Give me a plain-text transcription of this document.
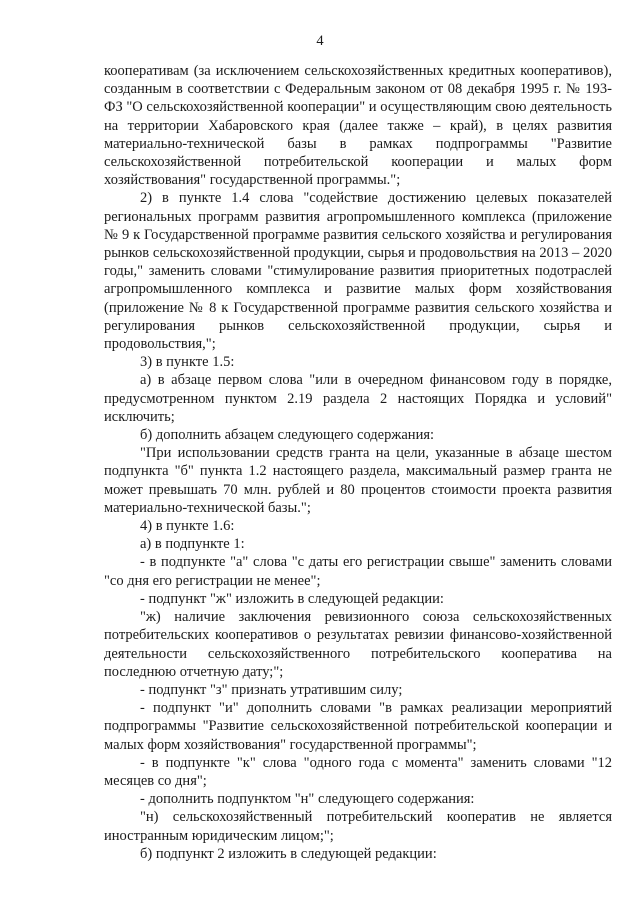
4

кооперативам (за исключением сельскохозяйственных кредитных кооперативов), созданным в соответствии с Федеральным законом от 08 декабря 1995 г. № 193-ФЗ "О сельскохозяйственной кооперации" и осуществляющим свою деятельность на территории Хабаровского края (далее также – край), в целях развития материально-технической базы в рамках подпрограммы "Развитие сельскохозяйственной потребительской кооперации и малых форм хозяйствования" государственной программы.";

2) в пункте 1.4 слова "содействие достижению целевых показателей региональных программ развития агропромышленного комплекса (приложение № 9 к Государственной программе развития сельского хозяйства и регулирования рынков сельскохозяйственной продукции, сырья и продовольствия на 2013 – 2020 годы," заменить словами "стимулирование развития приоритетных подотраслей агропромышленного комплекса и развитие малых форм хозяйствования (приложение № 8 к Государственной программе развития сельского хозяйства и регулирования рынков сельскохозяйственной продукции, сырья и продовольствия,";

3) в пункте 1.5:

а) в абзаце первом слова "или в очередном финансовом году в порядке, предусмотренном пунктом 2.19 раздела 2 настоящих Порядка и условий" исключить;

б) дополнить абзацем следующего содержания:

"При использовании средств гранта на цели, указанные в абзаце шестом подпункта "б" пункта 1.2 настоящего раздела, максимальный размер гранта не может превышать 70 млн. рублей и 80 процентов стоимости проекта развития материально-технической базы.";

4) в пункте 1.6:

а) в подпункте 1:

- в подпункте "а" слова "с даты его регистрации свыше" заменить словами "со дня его регистрации не менее";

- подпункт "ж" изложить в следующей редакции:

"ж) наличие заключения ревизионного союза сельскохозяйственных потребительских кооперативов о результатах ревизии финансово-хозяйственной деятельности сельскохозяйственного потребительского кооператива на последнюю отчетную дату;";

- подпункт "з" признать утратившим силу;

- подпункт "и" дополнить словами "в рамках реализации мероприятий подпрограммы "Развитие сельскохозяйственной потребительской кооперации и малых форм хозяйствования" государственной программы";

- в подпункте "к" слова "одного года с момента" заменить словами "12 месяцев со дня";

- дополнить подпунктом "н" следующего содержания:

"н) сельскохозяйственный потребительский кооператив не является иностранным юридическим лицом;";

б) подпункт 2 изложить в следующей редакции:
